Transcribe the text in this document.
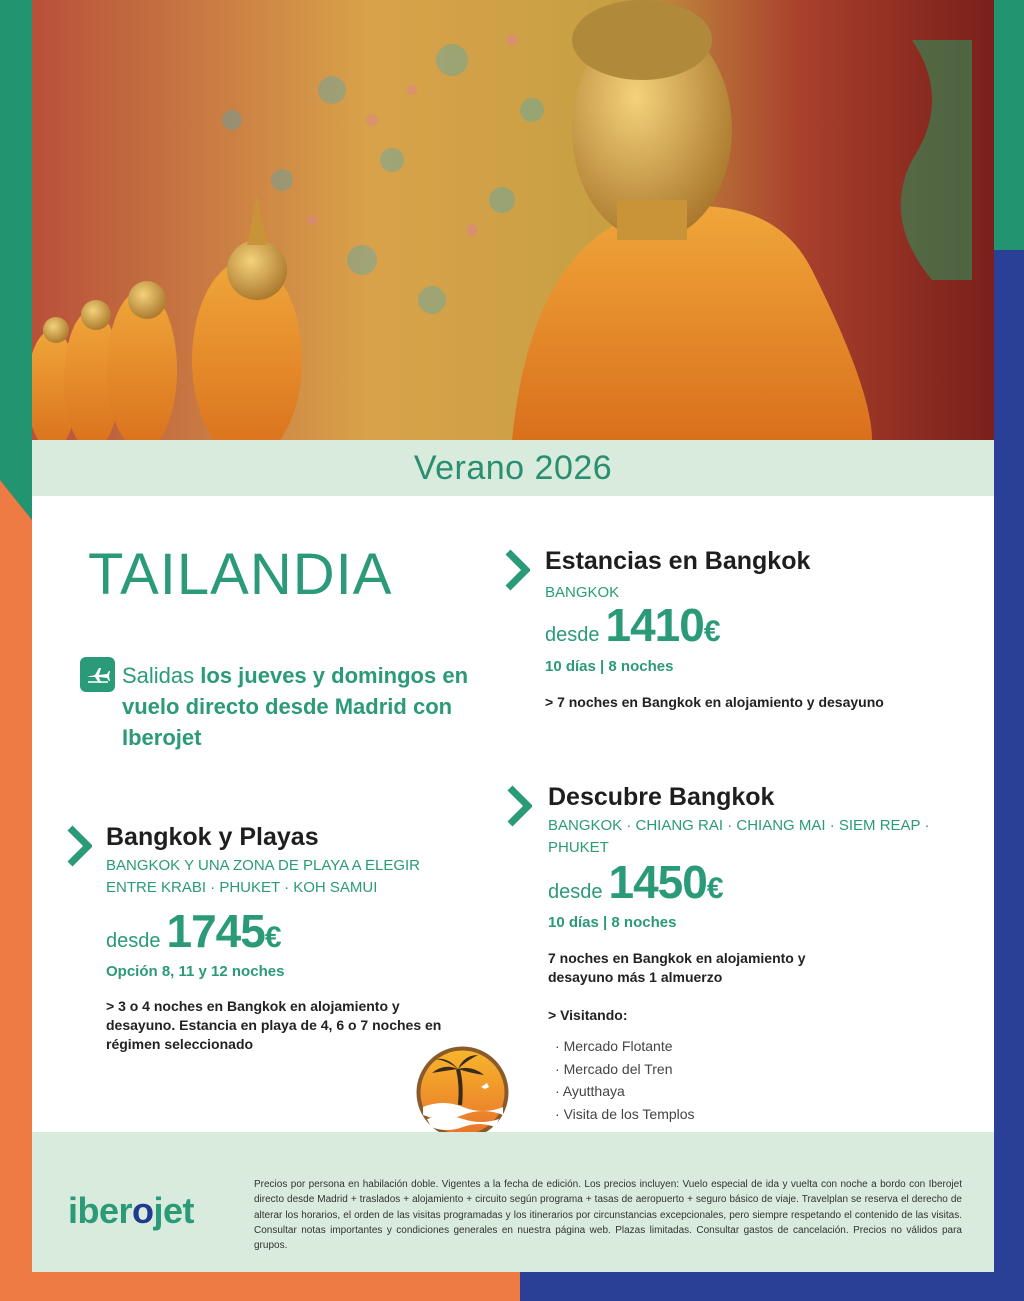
Verano 2026
TAILANDIA
Salidas los jueves y domingos en vuelo directo desde Madrid con Iberojet
Estancias en Bangkok
BANGKOK
desde 1410 €
10 días | 8 noches
> 7 noches en Bangkok en alojamiento y desayuno
Descubre Bangkok
BANGKOK · CHIANG RAI · CHIANG MAI · SIEM REAP · PHUKET
desde 1450 €
10 días | 8 noches
7 noches en Bangkok en alojamiento y desayuno más 1 almuerzo
> Visitando:
· Mercado Flotante
· Mercado del Tren
· Ayutthaya
· Visita de los Templos
Bangkok y Playas
BANGKOK Y UNA ZONA DE PLAYA A ELEGIR ENTRE KRABI · PHUKET · KOH SAMUI
desde 1745 €
Opción 8, 11 y 12 noches
> 3 o 4 noches en Bangkok en alojamiento y desayuno. Estancia en playa de 4, 6 o 7 noches en régimen seleccionado
iberojet
Precios por persona en habilación doble. Vigentes a la fecha de edición. Los precios incluyen: Vuelo especial de ida y vuelta con noche a bordo con Iberojet directo desde Madrid + traslados + alojamiento + circuito según programa + tasas de aeropuerto + seguro básico de viaje. Travelplan se reserva el derecho de alterar los horarios, el orden de las visitas programadas y los itinerarios por circunstancias excepcionales, pero siempre respetando el contenido de las visitas. Consultar notas importantes y condiciones generales en nuestra página web. Plazas limitadas. Consultar gastos de cancelación. Precios no válidos para grupos.
